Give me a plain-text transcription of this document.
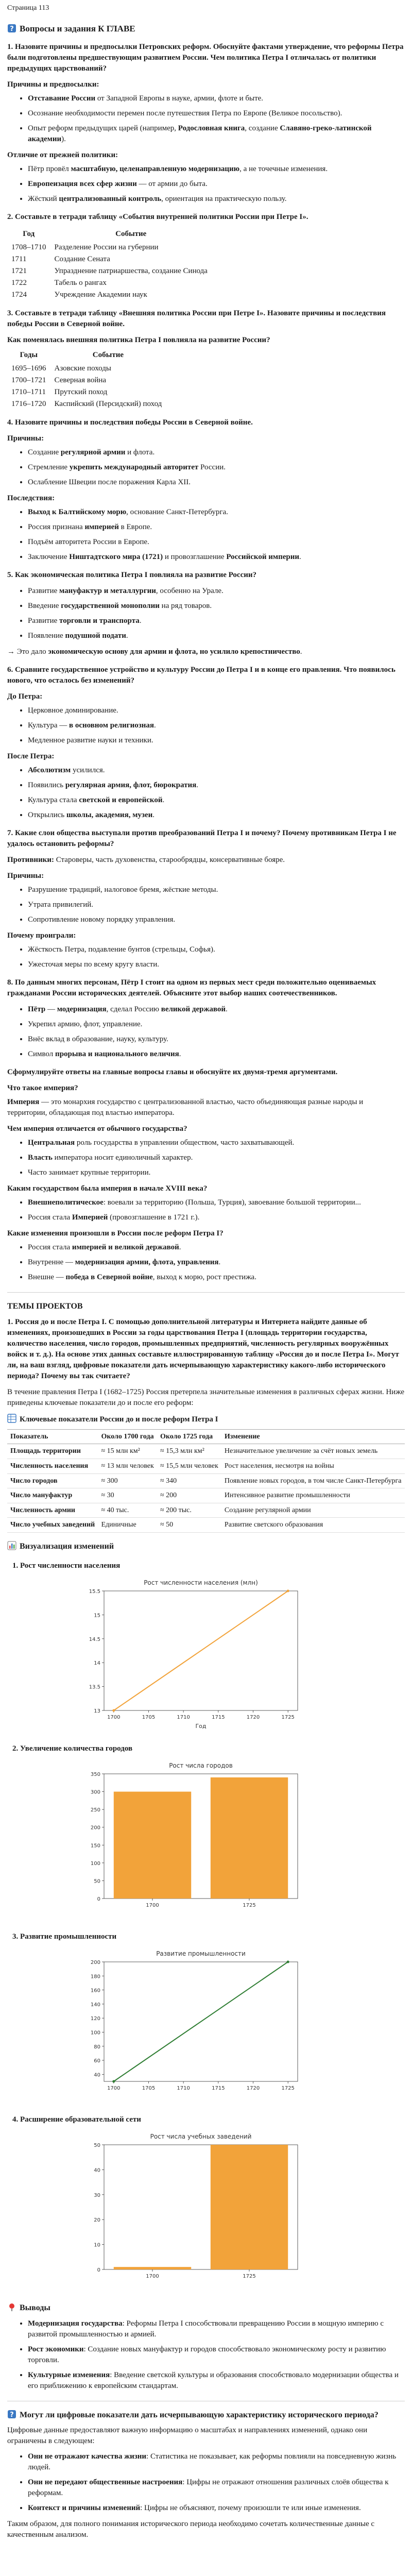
Страница 113
? Вопросы и задания К ГЛАВЕ

1. Назовите причины и предпосылки Петровских реформ. Обоснуйте фактами утверждение, что реформы Петра были подготовлены предшествующим развитием России. Чем политика Петра I отличалась от политики предыдущих царствований?

Причины и предпосылки:

• Отставание России от Западной Европы в науке, армии, флоте и быте.
• Осознание необходимости перемен после путешествия Петра по Европе (Великое посольство).
• Опыт реформ предыдущих царей (например, Родословная книга, создание Славяно-греко-латинской академии).

Отличие от прежней политики:

• Пётр провёл масштабную, целенаправленную модернизацию, а не точечные изменения.
• Европеизация всех сфер жизни — от армии до быта.
• Жёсткий централизованный контроль, ориентация на практическую пользу.

2. Составьте в тетради таблицу «События внутренней политики России при Петре I».

Год	Событие
1708–1710	Разделение России на губернии
1711	Создание Сената
1721	Упразднение патриаршества, создание Синода
1722	Табель о рангах
1724	Учреждение Академии наук

3. Составьте в тетради таблицу «Внешняя политика России при Петре I». Назовите причины и последствия победы России в Северной войне.

Как поменялась внешняя политика Петра I повлияла на развитие России?

Годы	Событие
1695–1696	Азовские походы
1700–1721	Северная война
1710–1711	Прутский поход
1716–1720	Каспийский (Персидский) поход

4. Назовите причины и последствия победы России в Северной войне.

Причины:

• Создание регулярной армии и флота.
• Стремление укрепить международный авторитет России.
• Ослабление Швеции после поражения Карла XII.

Последствия:

• Выход к Балтийскому морю, основание Санкт-Петербурга.
• Россия признана империей в Европе.
• Подъём авторитета России в Европе.
• Заключение Ништадтского мира (1721) и провозглашение Российской империи.

5. Как экономическая политика Петра I повлияла на развитие России?

• Развитие мануфактур и металлургии, особенно на Урале.
• Введение государственной монополии на ряд товаров.
• Развитие торговли и транспорта.
• Появление подушной подати.

→ Это дало экономическую основу для армии и флота, но усилило крепостничество.

6. Сравните государственное устройство и культуру России до Петра I и в конце его правления. Что появилось нового, что осталось без изменений?

До Петра:

• Церковное доминирование.
• Культура — в основном религиозная.
• Медленное развитие науки и техники.

После Петра:

• Абсолютизм усилился.
• Появились регулярная армия, флот, бюрократия.
• Культура стала светской и европейской.
• Открылись школы, академия, музеи.

7. Какие слои общества выступали против преобразований Петра I и почему? Почему противникам Петра I не удалось остановить реформы?

Противники: Староверы, часть духовенства, старообрядцы, консервативные бояре.

Причины:

• Разрушение традиций, налоговое бремя, жёсткие методы.
• Утрата привилегий.
• Сопротивление новому порядку управления.

Почему проиграли:

• Жёсткость Петра, подавление бунтов (стрельцы, Софья).
• Ужесточая меры по всему кругу власти.

8. По данным многих персонам, Пётр I стоит на одном из первых мест среди положительно оцениваемых гражданами России исторических деятелей. Объясните этот выбор наших соотечественников.

• Пётр — модернизация, сделал Россию великой державой.
• Укрепил армию, флот, управление.
• Внёс вклад в образование, науку, культуру.
• Символ прорыва и национального величия.

Сформулируйте ответы на главные вопросы главы и обоснуйте их двумя-тремя аргументами.

Что такое империя?

Империя — это монархия государство с централизованной властью, часто объединяющая разные народы и территории, обладающая под властью императора.

Чем империя отличается от обычного государства?

• Центральная роль государства в управлении обществом, часто захватывающей.
• Власть императора носит единоличный характер.
• Часто занимает крупные территории.

Каким государством была империя в начале XVIII века?

• Внешнеполитическое: воевали за территорию (Польша, Турция), завоевание большой территории...
• Россия стала Империей (провозглашение в 1721 г.).

Какие изменения произошли в России после реформ Петра I?

• Россия стала империей и великой державой.
• Внутренне — модернизация армии, флота, управления.
• Внешне — победа в Северной войне, выход к морю, рост престижа.
ТЕМЫ ПРОЕКТОВ

1. Россия до и после Петра I. С помощью дополнительной литературы и Интернета найдите данные об изменениях, произошедших в России за годы царствования Петра I (площадь территории государства, количество населения, число городов, промышленных предприятий, численность регулярных вооружённых войск и т. д.). На основе этих данных составьте иллюстрированную таблицу «Россия до и после Петра I». Могут ли, на ваш взгляд, цифровые показатели дать исчерпывающую характеристику какого-либо исторического периода? Почему вы так считаете?

В течение правления Петра I (1682–1725) Россия претерпела значительные изменения в различных сферах жизни. Ниже приведены ключевые показатели до и после его реформ:

Ключевые показатели России до и после реформ Петра I

Показатель	Около 1700 года	Около 1725 года	Изменение
Площадь территории	≈ 15 млн км²	≈ 15,3 млн км²	Незначительное увеличение за счёт новых земель
Численность населения	≈ 13 млн человек	≈ 15,5 млн человек	Рост населения, несмотря на войны
Число городов	≈ 300	≈ 340	Появление новых городов, в том числе Санкт-Петербурга
Число мануфактур	≈ 30	≈ 200	Интенсивное развитие промышленности
Численность армии	≈ 40 тыс.	≈ 200 тыс.	Создание регулярной армии
Число учебных заведений	Единичные	≈ 50	Развитие светского образования
Визуализация изменений

1. Рост численности населения

Рост численности населения (млн)
13
13.5
14
14.5
15
15.5
1700	1705	1710	1715	1720	1725
Год

2. Увеличение количества городов

Рост числа городов
0
50
100
150
200
250
300
350
1700	1725

3. Развитие промышленности

Развитие промышленности
40
60
80
100
120
140
160
180
200
1700	1705	1710	1715	1720	1725

4. Расширение образовательной сети

Рост числа учебных заведений
0
10
20
30
40
50
1700	1725
Выводы
• Модернизация государства: Реформы Петра I способствовали превращению России в мощную империю с развитой промышленностью и армией.
• Рост экономики: Создание новых мануфактур и городов способствовало экономическому росту и развитию торговли.
• Культурные изменения: Введение светской культуры и образования способствовало модернизации общества и его приближению к европейским стандартам.
? Могут ли цифровые показатели дать исчерпывающую характеристику исторического периода?

Цифровые данные предоставляют важную информацию о масштабах и направлениях изменений, однако они ограничены в следующем:

• Они не отражают качества жизни: Статистика не показывает, как реформы повлияли на повседневную жизнь людей.
• Они не передают общественные настроения: Цифры не отражают отношения различных слоёв общества к реформам.
• Контекст и причины изменений: Цифры не объясняют, почему произошли те или иные изменения.

Таким образом, для полного понимания исторического периода необходимо сочетать количественные данные с качественным анализом.
